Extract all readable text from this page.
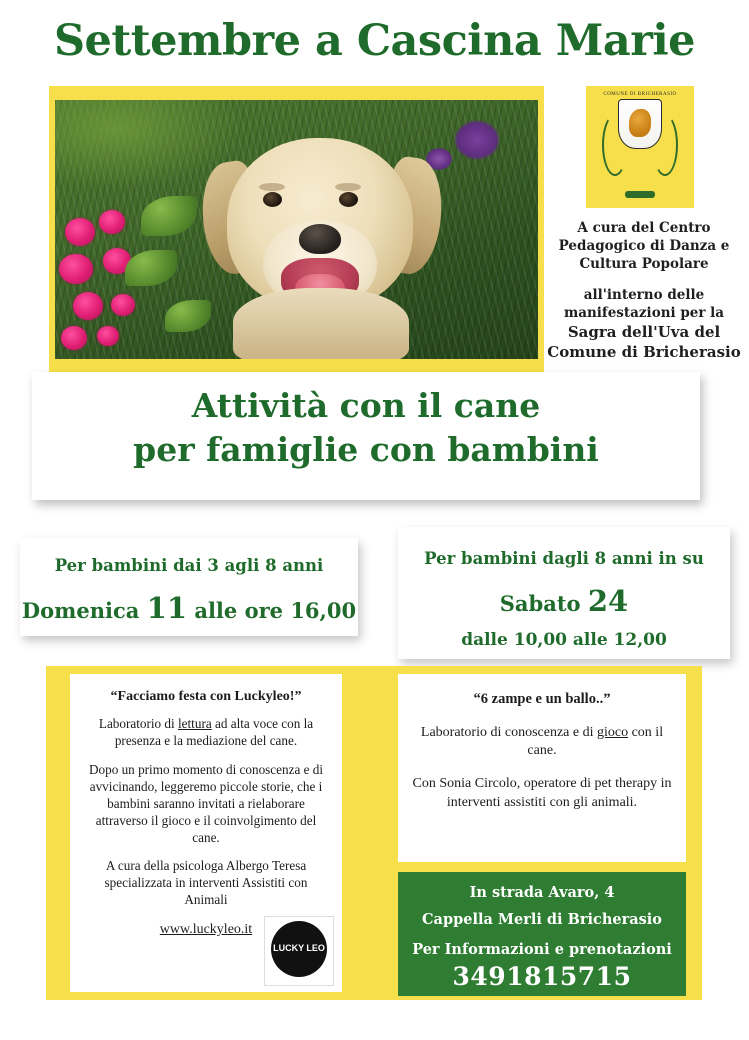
Settembre a Cascina Marie
COMUNE DI BRICHERASIO
A cura del Centro
Pedagogico di Danza e
Cultura Popolare
all'interno delle
manifestazioni per la
Sagra dell'Uva del
Comune di Bricherasio
Attività con il cane
per famiglie con bambini
Per bambini dai 3 agli 8 anni
Domenica 11 alle ore 16,00
Per bambini dagli 8 anni in su
Sabato 24
dalle 10,00 alle 12,00
“Facciamo festa con Luckyleo!”

Laboratorio di lettura ad alta voce con la presenza e la mediazione del cane.

Dopo un primo momento di conoscenza e di avvicinando, leggeremo piccole storie, che i bambini saranno invitati a rielaborare attraverso il gioco e il coinvolgimento del cane.

A cura della psicologa Albergo Teresa specializzata in interventi Assistiti con Animali

www.luckyleo.it
LUCKY LEO
“6 zampe e un ballo..”

Laboratorio di conoscenza e di gioco con il cane.

Con Sonia Circolo, operatore di pet therapy in interventi assistiti con gli animali.

In strada Avaro, 4
Cappella Merli di Bricherasio
Per Informazioni e prenotazioni
3491815715
